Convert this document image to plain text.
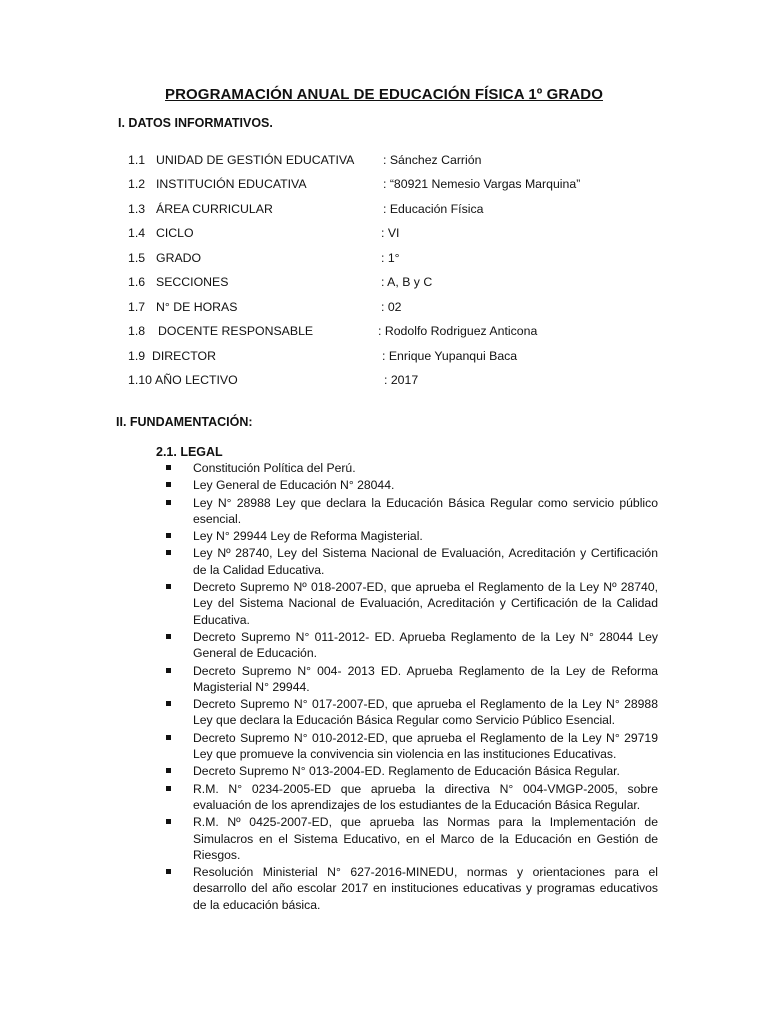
PROGRAMACIÓN ANUAL DE EDUCACIÓN FÍSICA 1º GRADO
I. DATOS INFORMATIVOS.
1.1 UNIDAD DE GESTIÓN EDUCATIVA : Sánchez Carrión
1.2 INSTITUCIÓN EDUCATIVA	: “80921 Nemesio Vargas Marquina”
1.3 ÁREA CURRICULAR	: Educación Física
1.4 CICLO	: VI
1.5 GRADO	: 1°
1.6 SECCIONES	: A, B y C
1.7 N° DE HORAS	: 02
1.8 DOCENTE RESPONSABLE	: Rodolfo Rodriguez Anticona
1.9 DIRECTOR	: Enrique Yupanqui Baca
1.10 AÑO LECTIVO	: 2017
II. FUNDAMENTACIÓN:
2.1. LEGAL
Constitución Política del Perú.
Ley General de Educación N° 28044.
Ley N° 28988 Ley que declara la Educación Básica Regular como servicio público esencial.
Ley N° 29944 Ley de Reforma Magisterial.
Ley Nº 28740, Ley del Sistema Nacional de Evaluación, Acreditación y Certificación de la Calidad Educativa.
Decreto Supremo Nº 018-2007-ED, que aprueba el Reglamento de la Ley Nº 28740, Ley del Sistema Nacional de Evaluación, Acreditación y Certificación de la Calidad Educativa.
Decreto Supremo N° 011-2012- ED. Aprueba Reglamento de la Ley N° 28044 Ley General de Educación.
Decreto Supremo N° 004- 2013 ED. Aprueba Reglamento de la Ley de Reforma Magisterial N° 29944.
Decreto Supremo N° 017-2007-ED, que aprueba el Reglamento de la Ley N° 28988 Ley que declara la Educación Básica Regular como Servicio Público Esencial.
Decreto Supremo N° 010-2012-ED, que aprueba el Reglamento de la Ley N° 29719 Ley que promueve la convivencia sin violencia en las instituciones Educativas.
Decreto Supremo N° 013-2004-ED. Reglamento de Educación Básica Regular.
R.M. N° 0234-2005-ED que aprueba la directiva N° 004-VMGP-2005, sobre evaluación de los aprendizajes de los estudiantes de la Educación Básica Regular.
R.M. Nº 0425-2007-ED, que aprueba las Normas para la Implementación de Simulacros en el Sistema Educativo, en el Marco de la Educación en Gestión de Riesgos.
Resolución Ministerial N° 627-2016-MINEDU, normas y orientaciones para el desarrollo del año escolar 2017 en instituciones educativas y programas educativos de la educación básica.
